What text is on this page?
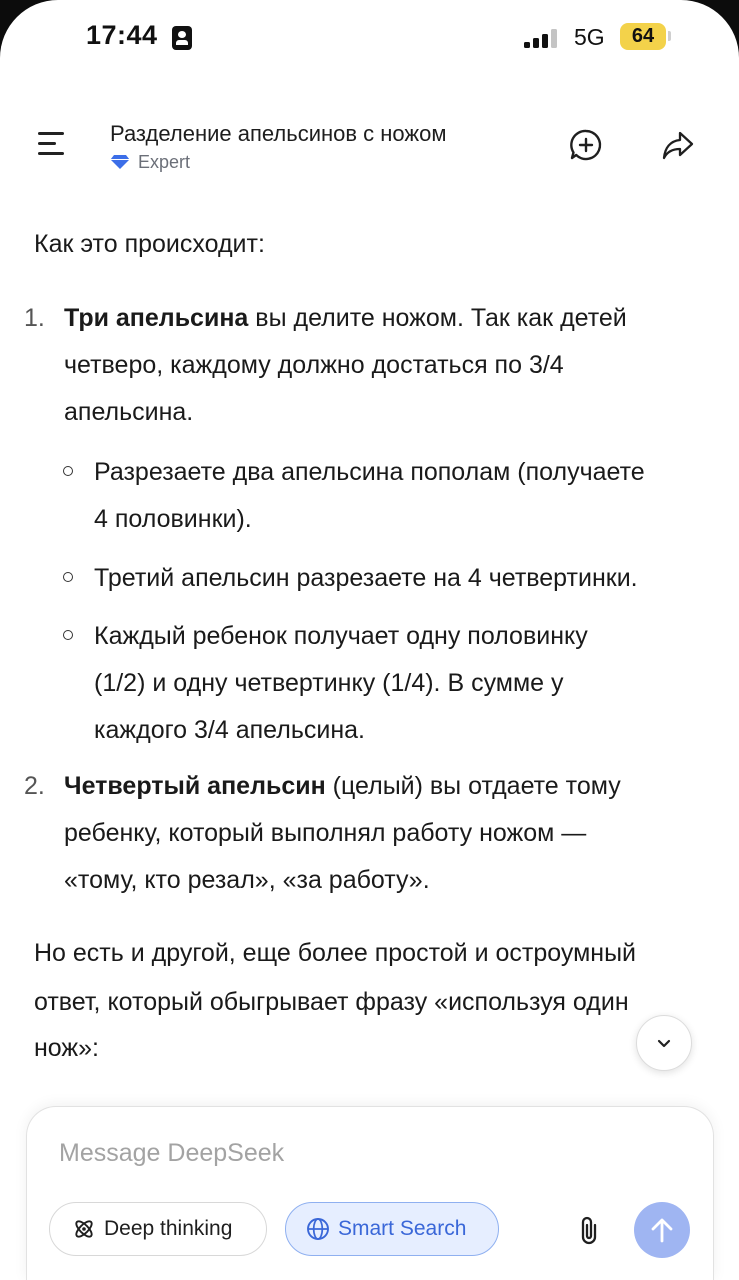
17:44	5G	64
Разделение апельсинов с ножом
Expert
Как это происходит:
1. Три апельсина вы делите ножом. Так как детей
четверо, каждому должно достаться по 3/4
апельсина.
Разрезаете два апельсина пополам (получаете
4 половинки).
Третий апельсин разрезаете на 4 четвертинки.
Каждый ребенок получает одну половинку
(1/2) и одну четвертинку (1/4). В сумме у
каждого 3/4 апельсина.
2. Четвертый апельсин (целый) вы отдаете тому
ребенку, который выполнял работу ножом —
«тому, кто резал», «за работу».
Но есть и другой, еще более простой и остроумный
ответ, который обыгрывает фразу «используя один
нож»:
Message DeepSeek
Deep thinking	Smart Search
